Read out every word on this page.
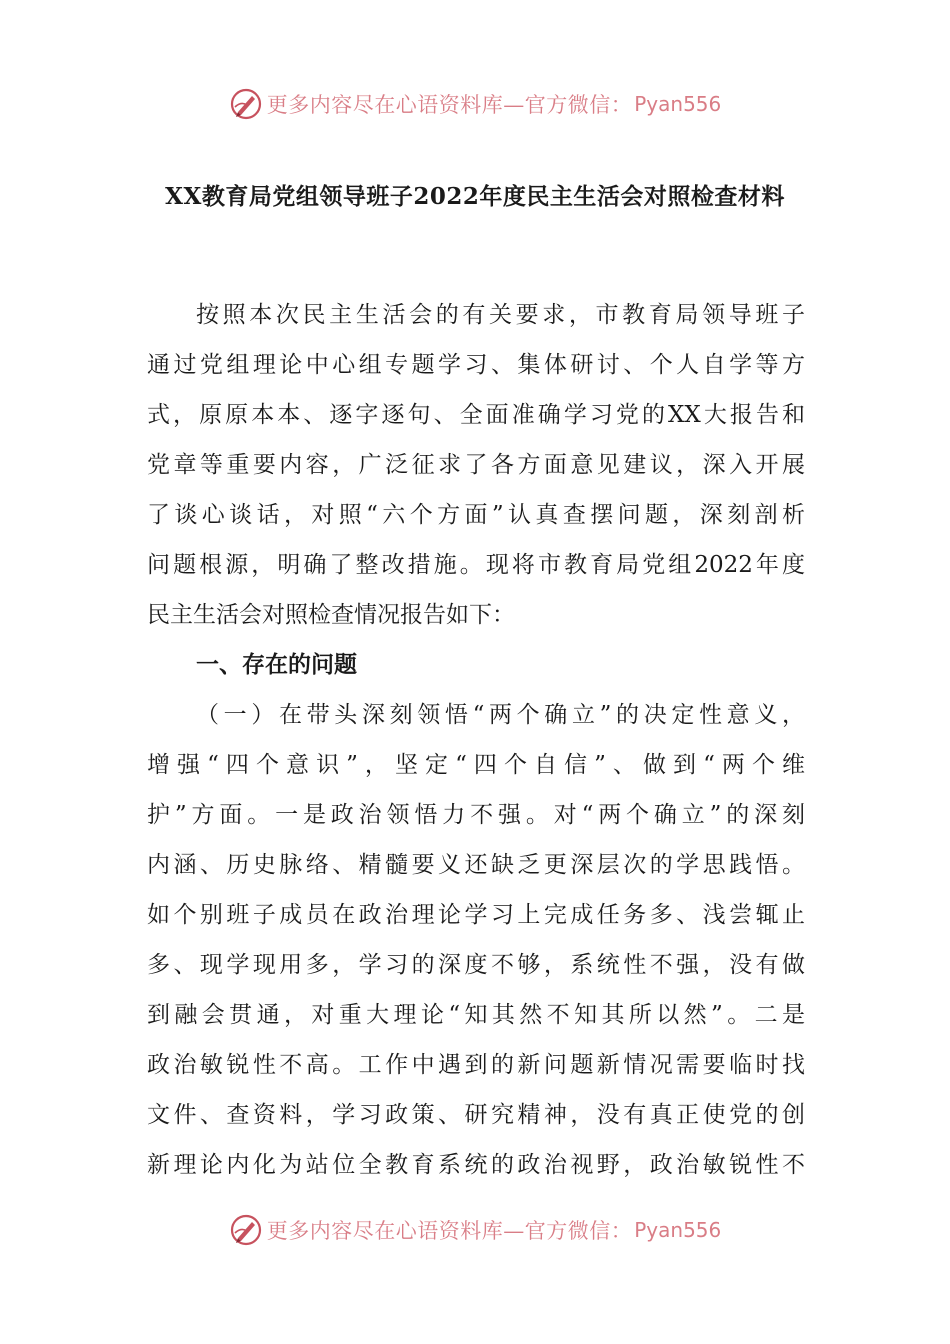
更多内容尽在心语资料库—官方微信： Pyan556
XX教育局党组领导班子2022年度民主生活会对照检查材料
按照本次民主生活会的有关要求，市教育局领导班子
通过党组理论中心组专题学习、集体研讨、个人自学等方
式，原原本本、逐字逐句、全面准确学习党的XX大报告和
党章等重要内容，广泛征求了各方面意见建议，深入开展
了谈心谈话，对照“六个方面”认真查摆问题，深刻剖析
问题根源，明确了整改措施。现将市教育局党组2022年度
民主生活会对照检查情况报告如下：
一、存在的问题
（一）在带头深刻领悟“两个确立”的决定性意义，
增强“四个意识”，坚定“四个自信”、做到“两个维
护”方面。一是政治领悟力不强。对“两个确立”的深刻
内涵、历史脉络、精髓要义还缺乏更深层次的学思践悟。
如个别班子成员在政治理论学习上完成任务多、浅尝辄止
多、现学现用多，学习的深度不够，系统性不强，没有做
到融会贯通，对重大理论“知其然不知其所以然”。二是
政治敏锐性不高。工作中遇到的新问题新情况需要临时找
文件、查资料，学习政策、研究精神，没有真正使党的创
新理论内化为站位全教育系统的政治视野，政治敏锐性不
更多内容尽在心语资料库—官方微信： Pyan556
